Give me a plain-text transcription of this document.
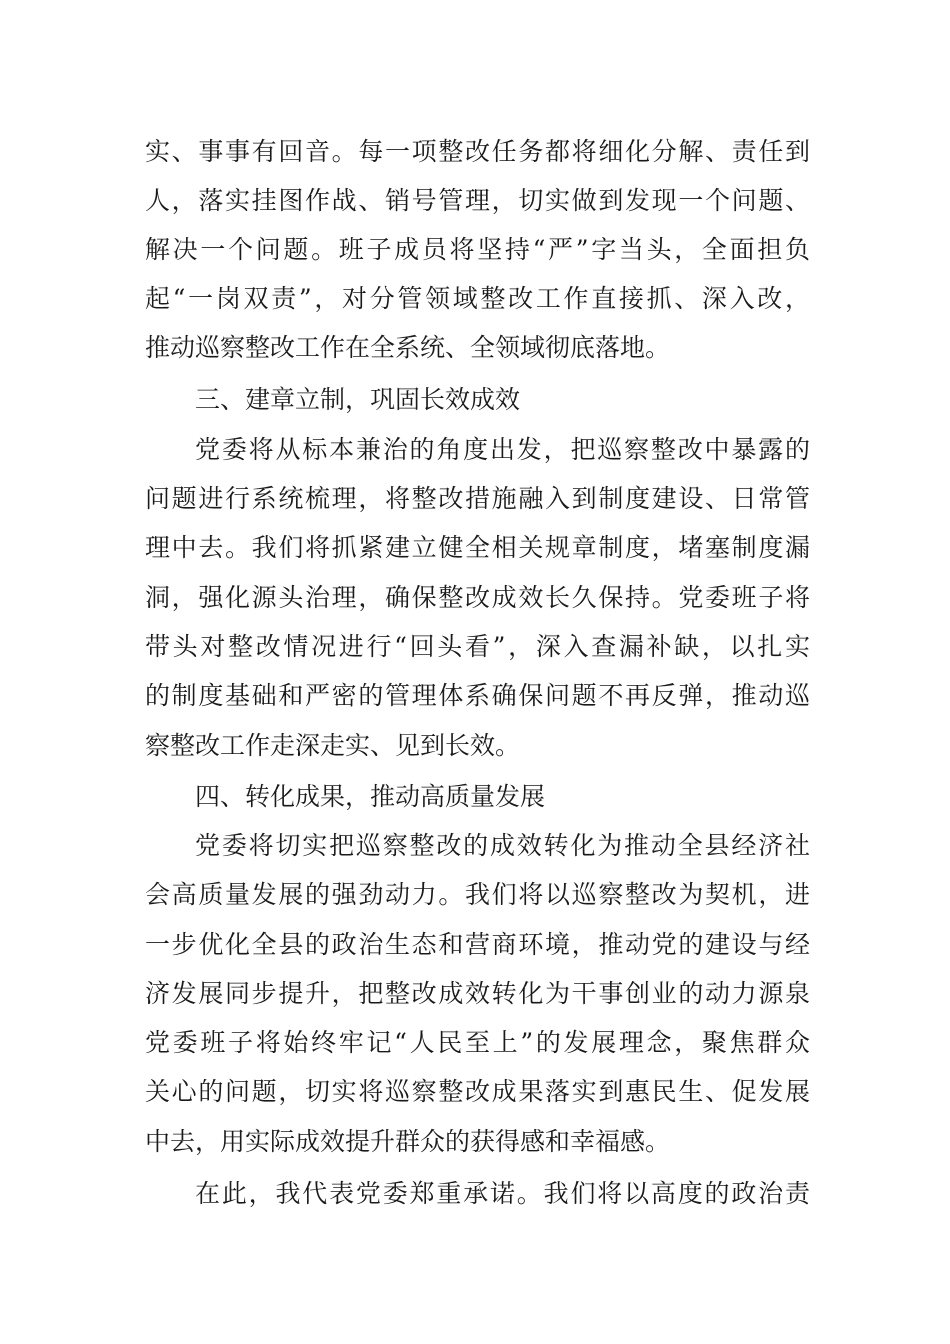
实、事事有回音。每一项整改任务都将细化分解、责任到
人，落实挂图作战、销号管理，切实做到发现一个问题、
解决一个问题。班子成员将坚持“严”字当头，全面担负
起“一岗双责”，对分管领域整改工作直接抓、深入改，
推动巡察整改工作在全系统、全领域彻底落地。
三、建章立制，巩固长效成效
党委将从标本兼治的角度出发，把巡察整改中暴露的
问题进行系统梳理，将整改措施融入到制度建设、日常管
理中去。我们将抓紧建立健全相关规章制度，堵塞制度漏
洞，强化源头治理，确保整改成效长久保持。党委班子将
带头对整改情况进行“回头看”，深入查漏补缺，以扎实
的制度基础和严密的管理体系确保问题不再反弹，推动巡
察整改工作走深走实、见到长效。
四、转化成果，推动高质量发展
党委将切实把巡察整改的成效转化为推动全县经济社
会高质量发展的强劲动力。我们将以巡察整改为契机，进
一步优化全县的政治生态和营商环境，推动党的建设与经
济发展同步提升，把整改成效转化为干事创业的动力源泉
党委班子将始终牢记“人民至上”的发展理念，聚焦群众
关心的问题，切实将巡察整改成果落实到惠民生、促发展
中去，用实际成效提升群众的获得感和幸福感。
在此，我代表党委郑重承诺。我们将以高度的政治责
